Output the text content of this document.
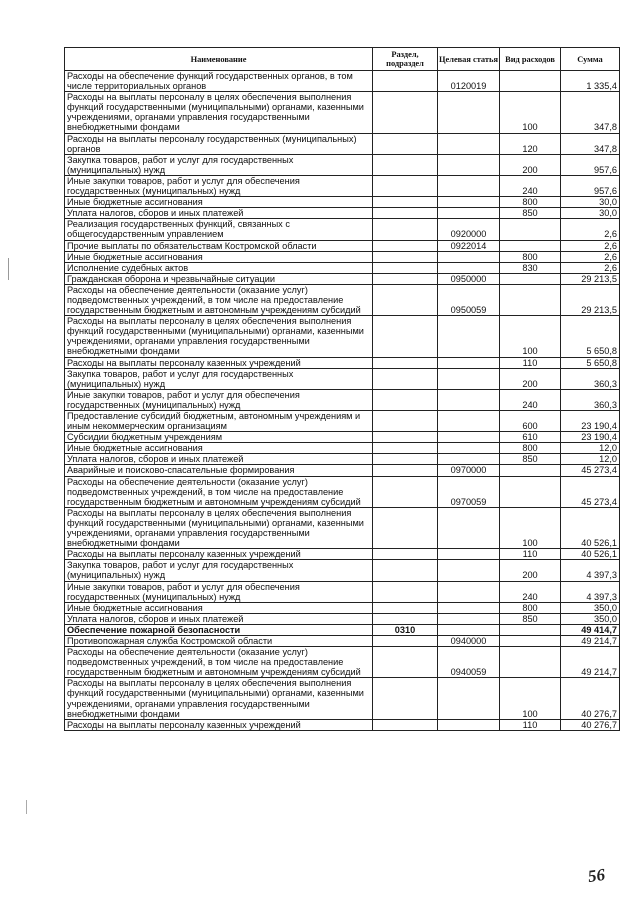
Наименование	Раздел, подраздел	Целевая статья	Вид расходов	Сумма
Расходы на обеспечение функций государственных органов, в том числе территориальных органов		0120019		1 335,4
Расходы на выплаты персоналу в целях обеспечения выполнения функций государственными (муниципальными) органами, казенными учреждениями, органами управления государственными внебюджетными фондами			100	347,8
Расходы на выплаты персоналу государственных (муниципальных) органов			120	347,8
Закупка товаров, работ и услуг для государственных (муниципальных) нужд			200	957,6
Иные закупки товаров, работ и услуг для обеспечения государственных (муниципальных) нужд			240	957,6
Иные бюджетные ассигнования			800	30,0
Уплата налогов, сборов и иных платежей			850	30,0
Реализация государственных функций, связанных с общегосударственным управлением		0920000		2,6
Прочие выплаты по обязательствам Костромской области		0922014		2,6
Иные бюджетные ассигнования			800	2,6
Исполнение судебных актов			830	2,6
Гражданская оборона и чрезвычайные ситуации		0950000		29 213,5
Расходы на обеспечение деятельности (оказание услуг) подведомственных учреждений, в том числе на предоставление государственным бюджетным и автономным учреждениям субсидий		0950059		29 213,5
Расходы на выплаты персоналу в целях обеспечения выполнения функций государственными (муниципальными) органами, казенными учреждениями, органами управления государственными внебюджетными фондами			100	5 650,8
Расходы на выплаты персоналу казенных учреждений			110	5 650,8
Закупка товаров, работ и услуг для государственных (муниципальных) нужд			200	360,3
Иные закупки товаров, работ и услуг для обеспечения государственных (муниципальных) нужд			240	360,3
Предоставление субсидий бюджетным, автономным учреждениям и иным некоммерческим организациям			600	23 190,4
Субсидии бюджетным учреждениям			610	23 190,4
Иные бюджетные ассигнования			800	12,0
Уплата налогов, сборов и иных платежей			850	12,0
Аварийные и поисково-спасательные формирования		0970000		45 273,4
Расходы на обеспечение деятельности (оказание услуг) подведомственных учреждений, в том числе на предоставление государственным бюджетным и автономным учреждениям субсидий		0970059		45 273,4
Расходы на выплаты персоналу в целях обеспечения выполнения функций государственными (муниципальными) органами, казенными учреждениями, органами управления государственными внебюджетными фондами			100	40 526,1
Расходы на выплаты персоналу казенных учреждений			110	40 526,1
Закупка товаров, работ и услуг для государственных (муниципальных) нужд			200	4 397,3
Иные закупки товаров, работ и услуг для обеспечения государственных (муниципальных) нужд			240	4 397,3
Иные бюджетные ассигнования			800	350,0
Уплата налогов, сборов и иных платежей			850	350,0
Обеспечение пожарной безопасности	0310			49 414,7
Противопожарная служба Костромской области		0940000		49 214,7
Расходы на обеспечение деятельности (оказание услуг) подведомственных учреждений, в том числе на предоставление государственным бюджетным и автономным учреждениям субсидий		0940059		49 214,7
Расходы на выплаты персоналу в целях обеспечения выполнения функций государственными (муниципальными) органами, казенными учреждениями, органами управления государственными внебюджетными фондами			100	40 276,7
Расходы на выплаты персоналу казенных учреждений			110	40 276,7
56
